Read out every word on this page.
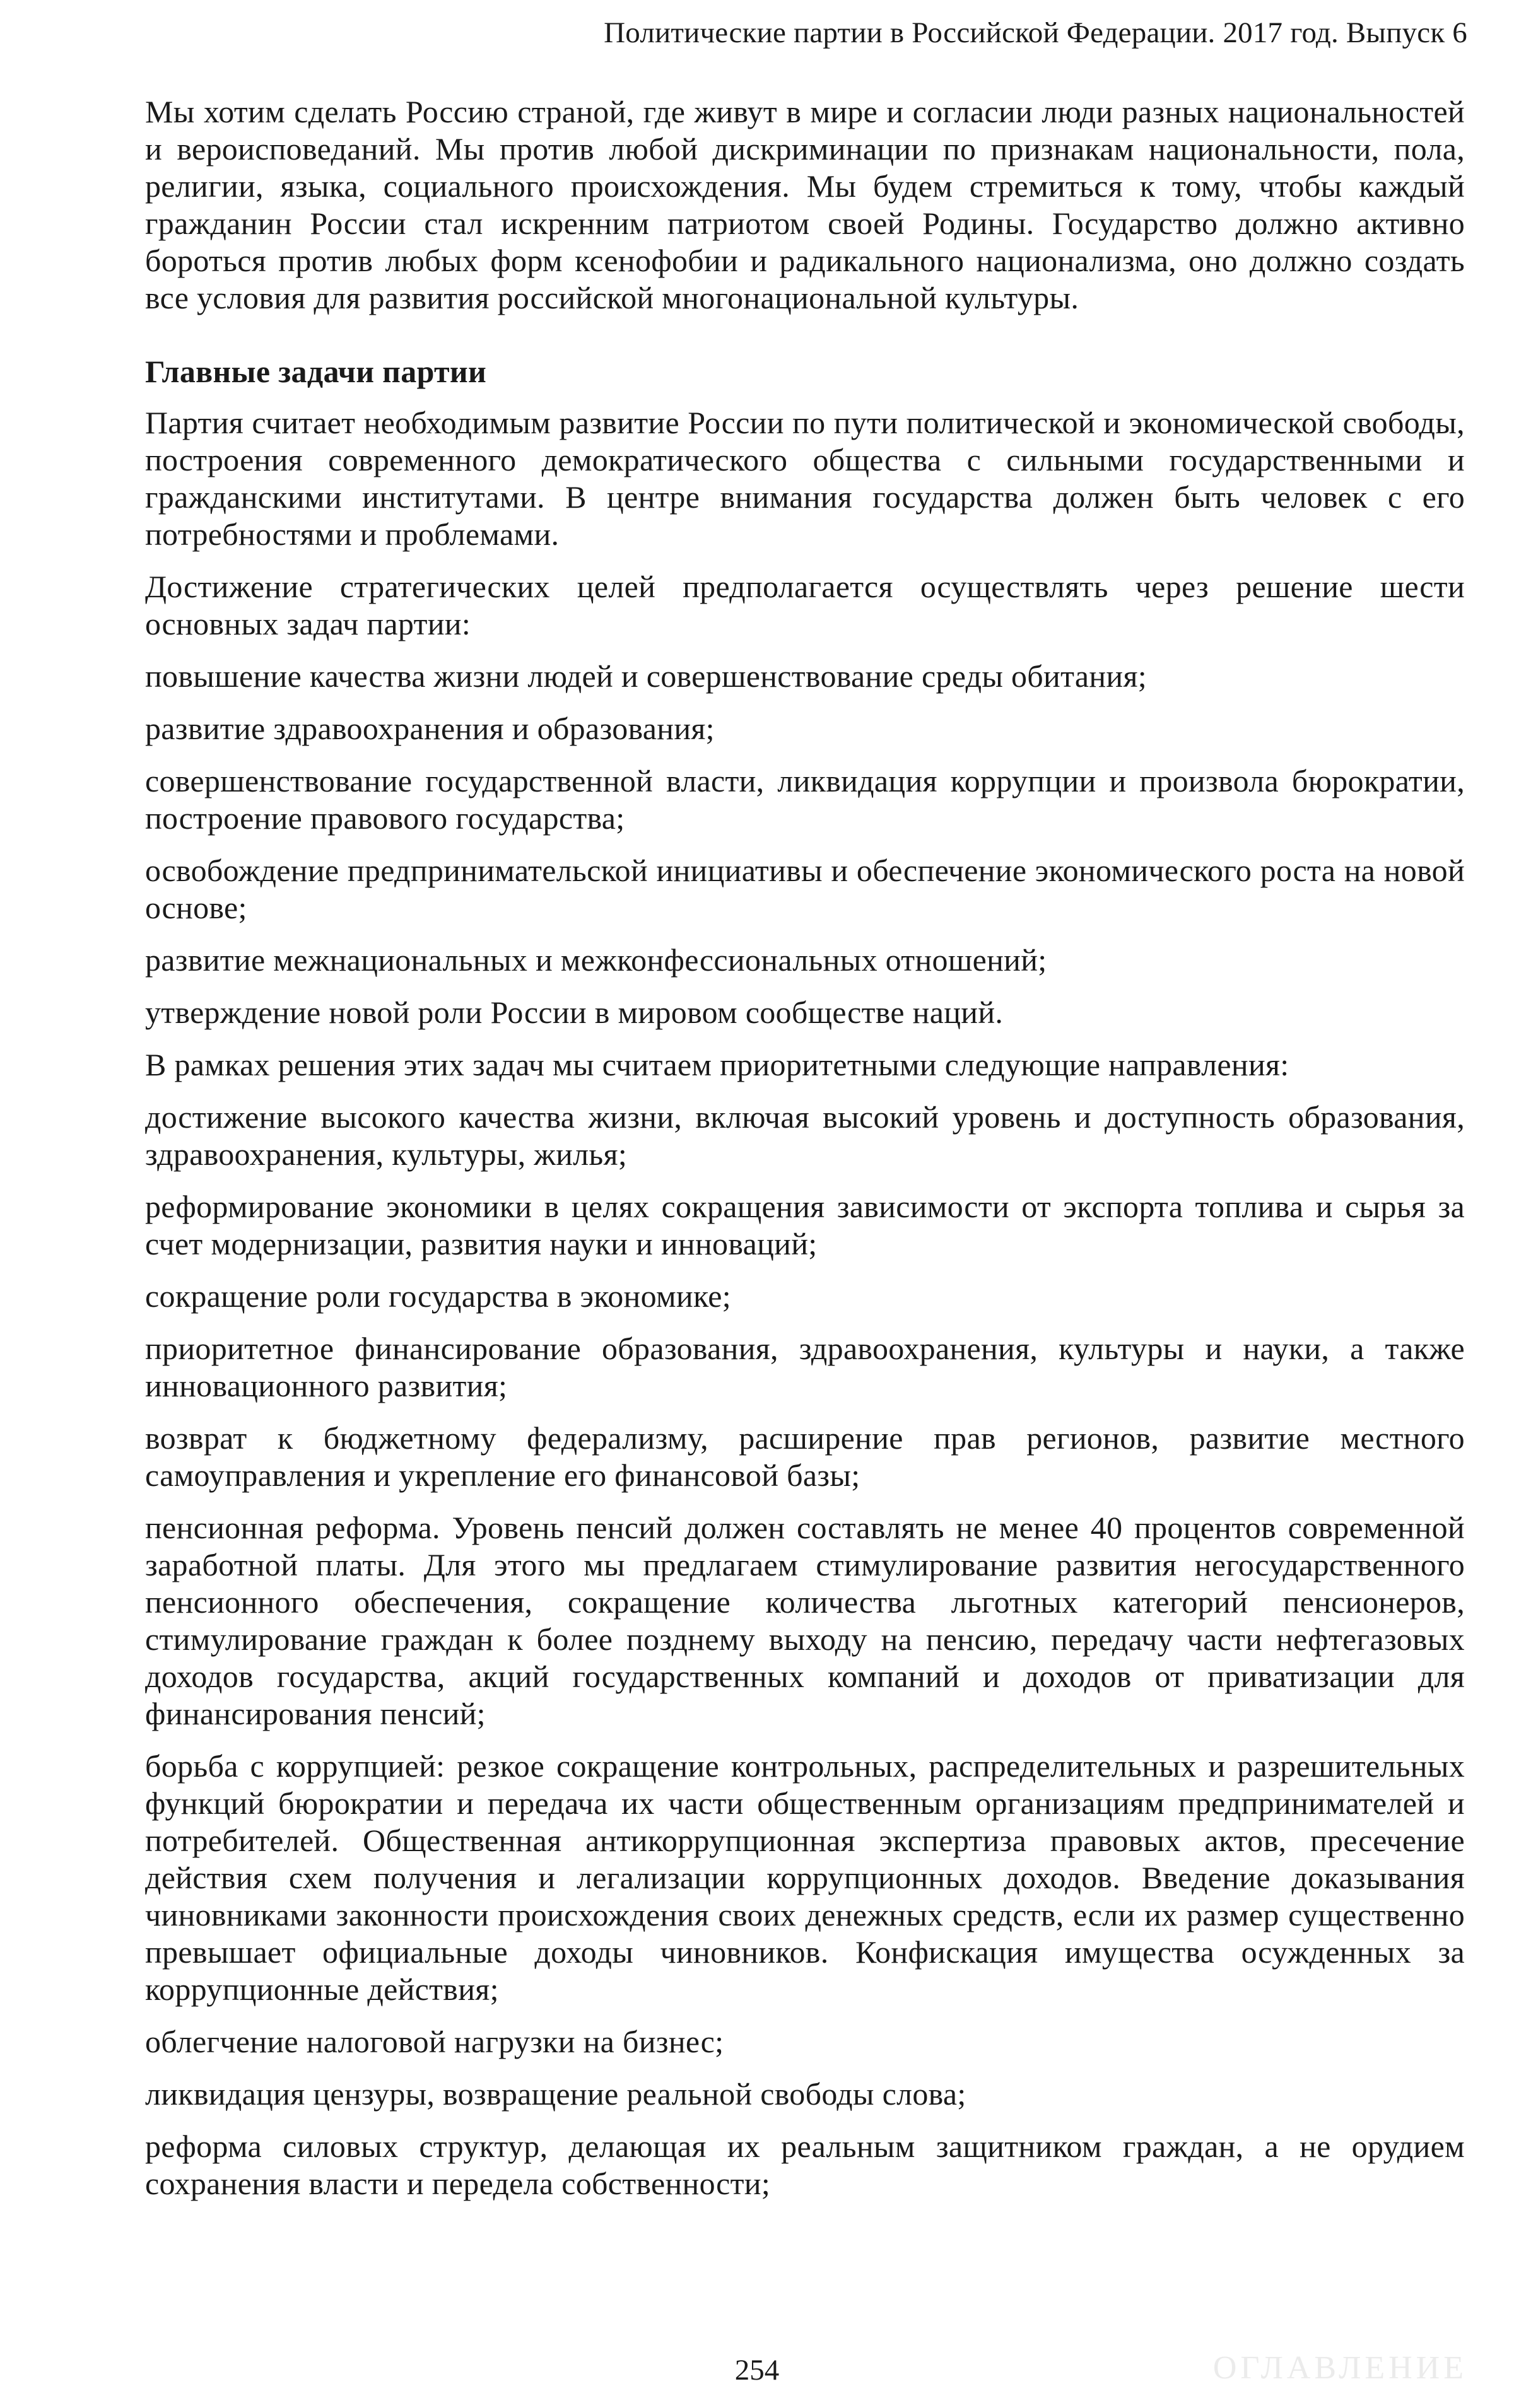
Политические партии в Российской Федерации. 2017 год. Выпуск 6

Мы хотим сделать Россию страной, где живут в мире и согласии люди разных национальностей и вероисповеданий. Мы против любой дискриминации по признакам национальности, пола, религии, языка, социального происхождения. Мы будем стремиться к тому, чтобы каждый гражданин России стал искренним патриотом своей Родины. Государство должно активно бороться против любых форм ксенофобии и радикального национализма, оно должно создать все условия для развития российской многонациональной культуры.

Главные задачи партии

Партия считает необходимым развитие России по пути политической и экономической свободы, построения современного демократического общества с сильными государственными и гражданскими институтами. В центре внимания государства должен быть человек с его потребностями и проблемами.

Достижение стратегических целей предполагается осуществлять через решение шести основных задач партии:

повышение качества жизни людей и совершенствование среды обитания;

развитие здравоохранения и образования;

совершенствование государственной власти, ликвидация коррупции и произвола бюрократии, построение правового государства;

освобождение предпринимательской инициативы и обеспечение экономического роста на новой основе;

развитие межнациональных и межконфессиональных отношений;

утверждение новой роли России в мировом сообществе наций.

В рамках решения этих задач мы считаем приоритетными следующие направления:

достижение высокого качества жизни, включая высокий уровень и доступность образования, здравоохранения, культуры, жилья;

реформирование экономики в целях сокращения зависимости от экспорта топлива и сырья за счет модернизации, развития науки и инноваций;

сокращение роли государства в экономике;

приоритетное финансирование образования, здравоохранения, культуры и науки, а также инновационного развития;

возврат к бюджетному федерализму, расширение прав регионов, развитие местного самоуправления и укрепление его финансовой базы;

пенсионная реформа. Уровень пенсий должен составлять не менее 40 процентов современной заработной платы. Для этого мы предлагаем стимулирование развития негосударственного пенсионного обеспечения, сокращение количества льготных категорий пенсионеров, стимулирование граждан к более позднему выходу на пенсию, передачу части нефтегазовых доходов государства, акций государственных компаний и доходов от приватизации для финансирования пенсий;

борьба с коррупцией: резкое сокращение контрольных, распределительных и разрешительных функций бюрократии и передача их части общественным организациям предпринимателей и потребителей. Общественная антикоррупционная экспертиза правовых актов, пресечение действия схем получения и легализации коррупционных доходов. Введение доказывания чиновниками законности происхождения своих денежных средств, если их размер существенно превышает официальные доходы чиновников. Конфискация имущества осужденных за коррупционные действия;

облегчение налоговой нагрузки на бизнес;

ликвидация цензуры, возвращение реальной свободы слова;

реформа силовых структур, делающая их реальным защитником граждан, а не орудием сохранения власти и передела собственности;

254	ОГЛАВЛЕНИЕ
